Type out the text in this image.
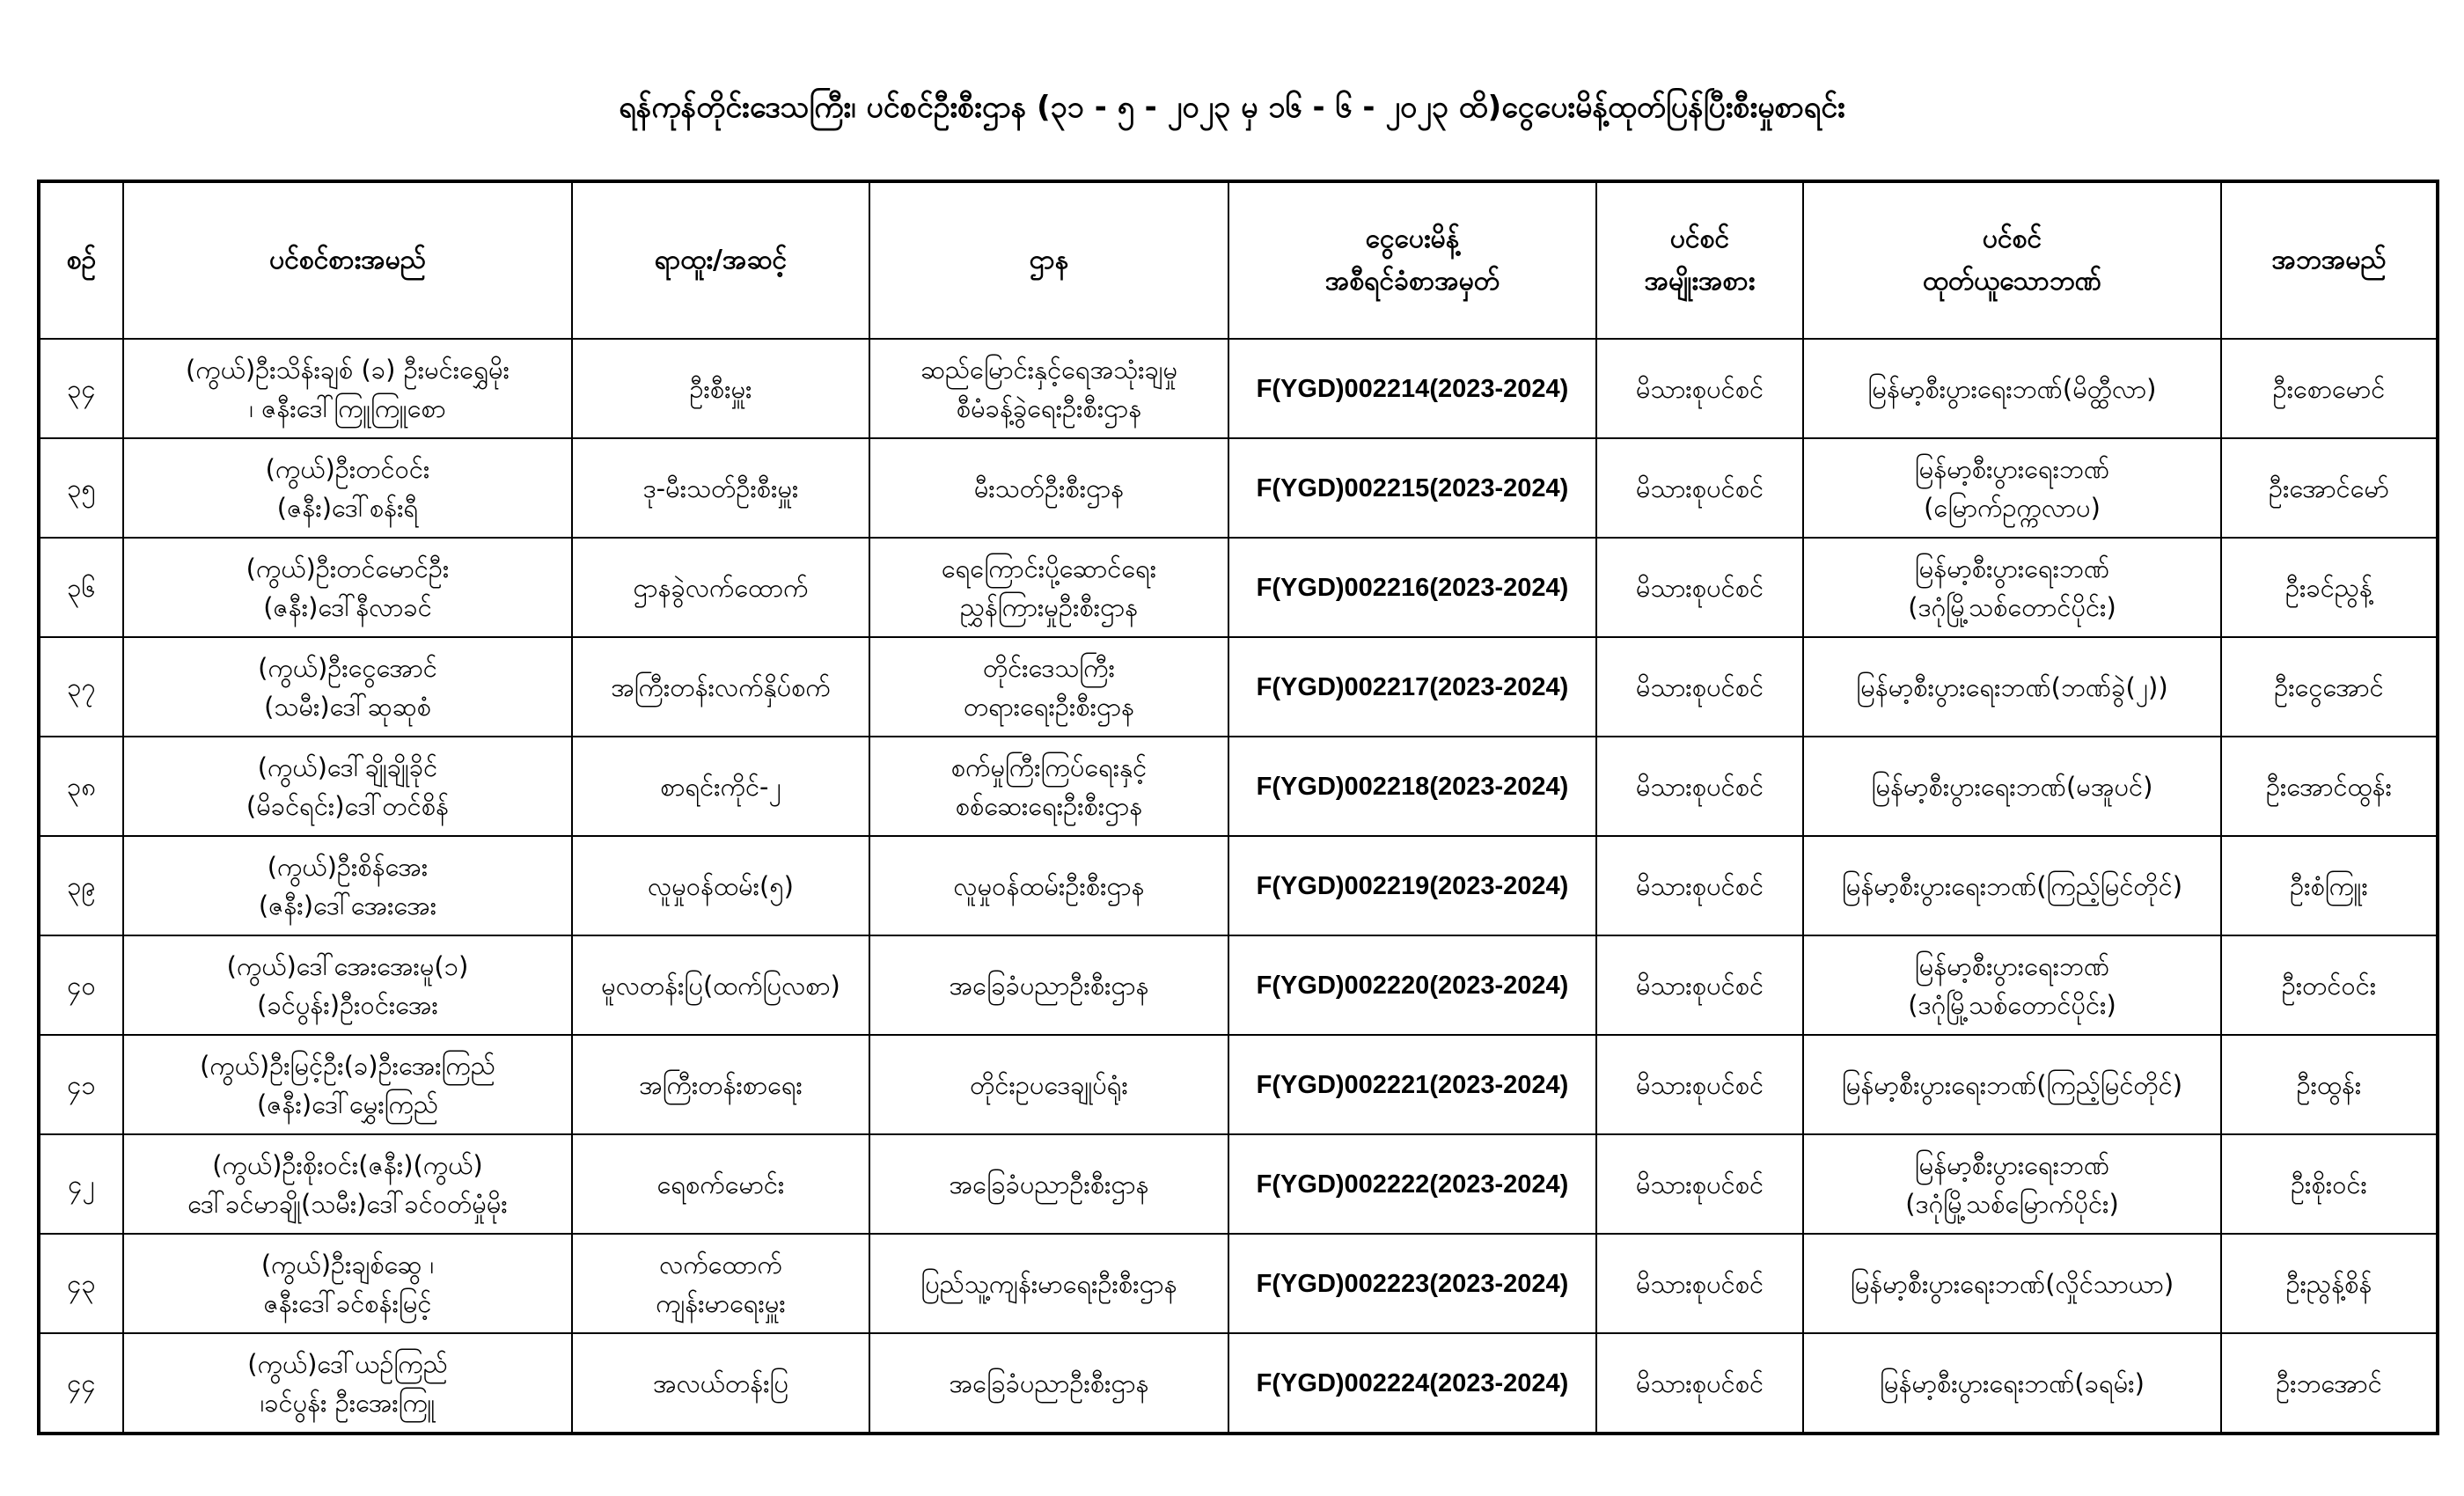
ရန်ကုန်တိုင်းဒေသကြီး၊ ပင်စင်ဦးစီးဌာန (၃၁ - ၅ - ၂၀၂၃ မှ ၁၆ - ၆ - ၂၀၂၃ ထိ)ငွေပေးမိန့်ထုတ်ပြန်ပြီးစီးမှုစာရင်း
စဉ်	ပင်စင်စားအမည်	ရာထူး/အဆင့်	ဌာန	ငွေပေးမိန့်
အစီရင်ခံစာအမှတ်	ပင်စင်
အမျိုးအစား	ပင်စင်
ထုတ်ယူသောဘဏ်	အဘအမည်

၃၄	(ကွယ်)ဦးသိန်းချစ် (ခ) ဦးမင်းရွှေမိုး
၊ ဇနီးဒေါ်ကြူကြူစော	ဦးစီးမှူး	ဆည်မြောင်းနှင့်ရေအသုံးချမှု
စီမံခန့်ခွဲရေးဦးစီးဌာန	F(YGD)002214(2023-2024)	မိသားစုပင်စင်	မြန်မာ့စီးပွားရေးဘဏ်(မိတ္ထီလာ)	ဦးစောမောင်
၃၅	(ကွယ်)ဦးတင်ဝင်း
(ဇနီး)ဒေါ်စန်းရီ	ဒု-မီးသတ်ဦးစီးမှူး	မီးသတ်ဦးစီးဌာန	F(YGD)002215(2023-2024)	မိသားစုပင်စင်	မြန်မာ့စီးပွားရေးဘဏ်
(မြောက်ဥက္ကလာပ)	ဦးအောင်မော်
၃၆	(ကွယ်)ဦးတင်မောင်ဦး
(ဇနီး)ဒေါ်နီလာခင်	ဌာနခွဲလက်ထောက်	ရေကြောင်းပို့ဆောင်ရေး
ညွှန်ကြားမှုဦးစီးဌာန	F(YGD)002216(2023-2024)	မိသားစုပင်စင်	မြန်မာ့စီးပွားရေးဘဏ်
(ဒဂုံမြို့သစ်တောင်ပိုင်း)	ဦးခင်ညွန့်
၃၇	(ကွယ်)ဦးငွေအောင်
(သမီး)ဒေါ်ဆုဆုစံ	အကြီးတန်းလက်နှိပ်စက်	တိုင်းဒေသကြီး
တရားရေးဦးစီးဌာန	F(YGD)002217(2023-2024)	မိသားစုပင်စင်	မြန်မာ့စီးပွားရေးဘဏ်(ဘဏ်ခွဲ(၂))	ဦးငွေအောင်
၃၈	(ကွယ်)ဒေါ်ချိုချိုခိုင်
(မိခင်ရင်း)ဒေါ်တင်စိန်	စာရင်းကိုင်-၂	စက်မှုကြီးကြပ်ရေးနှင့်
စစ်ဆေးရေးဦးစီးဌာန	F(YGD)002218(2023-2024)	မိသားစုပင်စင်	မြန်မာ့စီးပွားရေးဘဏ်(မအူပင်)	ဦးအောင်ထွန်း
၃၉	(ကွယ်)ဦးစိန်အေး
(ဇနီး)ဒေါ်အေးအေး	လူမှုဝန်ထမ်း(၅)	လူမှုဝန်ထမ်းဦးစီးဌာန	F(YGD)002219(2023-2024)	မိသားစုပင်စင်	မြန်မာ့စီးပွားရေးဘဏ်(ကြည့်မြင်တိုင်)	ဦးစံကြူး
၄၀	(ကွယ်)ဒေါ်အေးအေးမူ(၁)
(ခင်ပွန်း)ဦးဝင်းအေး	မူလတန်းပြ(ထက်ပြလစာ)	အခြေခံပညာဦးစီးဌာန	F(YGD)002220(2023-2024)	မိသားစုပင်စင်	မြန်မာ့စီးပွားရေးဘဏ်
(ဒဂုံမြို့သစ်တောင်ပိုင်း)	ဦးတင်ဝင်း
၄၁	(ကွယ်)ဦးမြင့်ဦး(ခ)ဦးအေးကြည်
(ဇနီး)ဒေါ်မွှေးကြည်	အကြီးတန်းစာရေး	တိုင်းဥပဒေချုပ်ရုံး	F(YGD)002221(2023-2024)	မိသားစုပင်စင်	မြန်မာ့စီးပွားရေးဘဏ်(ကြည့်မြင်တိုင်)	ဦးထွန်း
၄၂	(ကွယ်)ဦးစိုးဝင်း(ဇနီး)(ကွယ်)
ဒေါ်ခင်မာချို(သမီး)ဒေါ်ခင်ဝတ်မှုံမိုး	ရေစက်မောင်း	အခြေခံပညာဦးစီးဌာန	F(YGD)002222(2023-2024)	မိသားစုပင်စင်	မြန်မာ့စီးပွားရေးဘဏ်
(ဒဂုံမြို့သစ်မြောက်ပိုင်း)	ဦးစိုးဝင်း
၄၃	(ကွယ်)ဦးချစ်ဆွေ ၊
ဇနီးဒေါ်ခင်စန်းမြင့်	လက်ထောက်
ကျန်းမာရေးမှူး	ပြည်သူ့ကျန်းမာရေးဦးစီးဌာန	F(YGD)002223(2023-2024)	မိသားစုပင်စင်	မြန်မာ့စီးပွားရေးဘဏ်(လှိုင်သာယာ)	ဦးညွန့်စိန်
၄၄	(ကွယ်)ဒေါ်ယဉ်ကြည်
၊ခင်ပွန်း ဦးအေးကြူ	အလယ်တန်းပြ	အခြေခံပညာဦးစီးဌာန	F(YGD)002224(2023-2024)	မိသားစုပင်စင်	မြန်မာ့စီးပွားရေးဘဏ်(ခရမ်း)	ဦးဘအောင်
